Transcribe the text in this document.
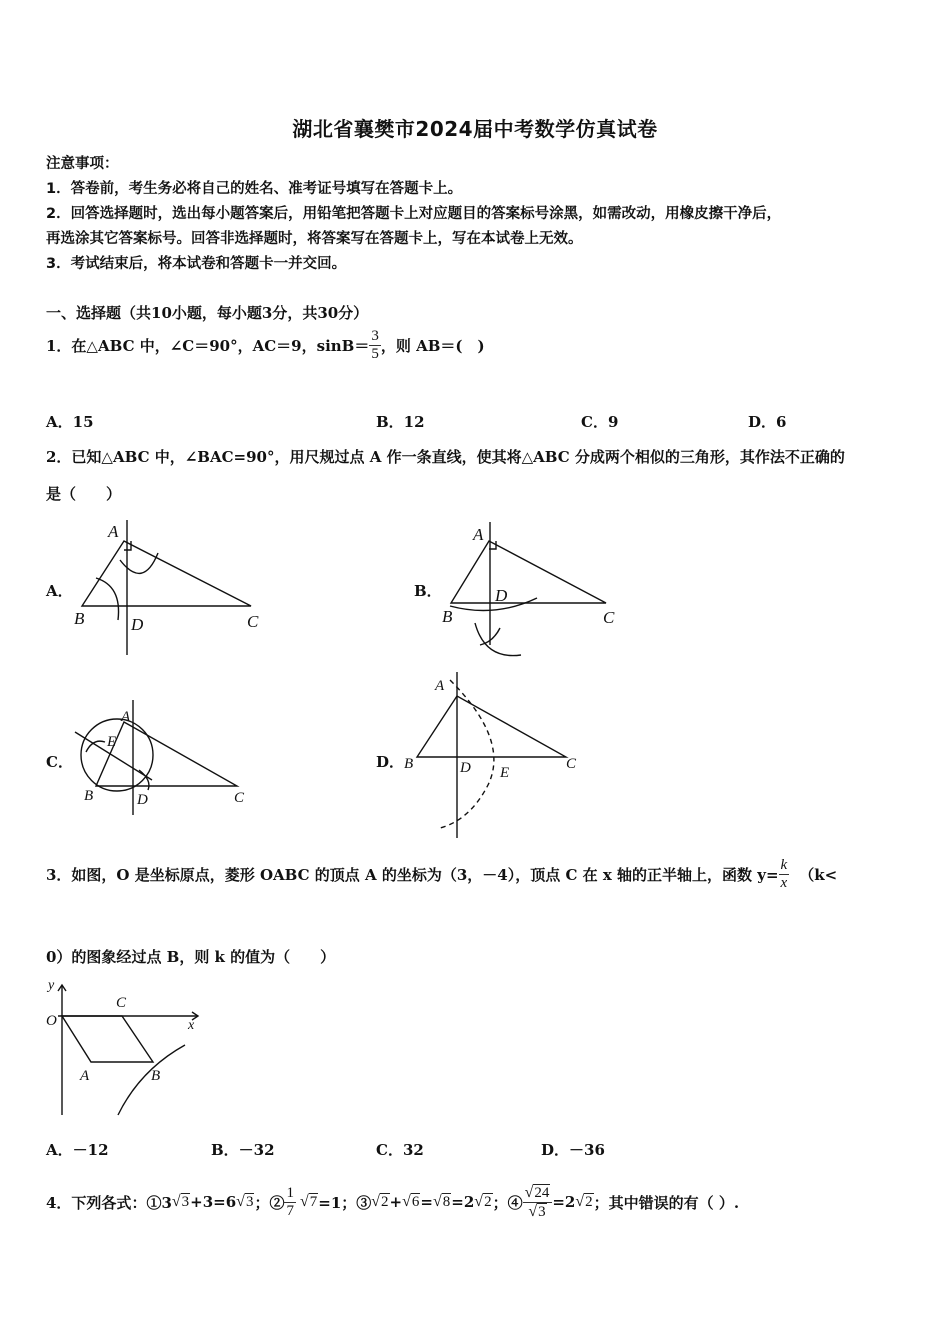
湖北省襄樊市2024届中考数学仿真试卷
注意事项：
1．答卷前，考生务必将自己的姓名、准考证号填写在答题卡上。
2．回答选择题时，选出每小题答案后，用铅笔把答题卡上对应题目的答案标号涂黑，如需改动，用橡皮擦干净后，
再选涂其它答案标号。回答非选择题时，将答案写在答题卡上，写在本试卷上无效。
3．考试结束后，将本试卷和答题卡一并交回。
一、选择题（共10小题，每小题3分，共30分）
1．在△ABC 中，∠C＝90°，AC＝9，$\sin B= \frac{3}{5}$ ，则 AB＝(　)
A．15	B．12	C．9	D．6
2．已知△ABC 中，∠BAC=90°，用尺规过点 A 作一条直线，使其将△ABC 分成两个相似的三角形，其作法不正确的
是（　　）
A．	B．
C．	D．
A
B	D	C
A
B
D
C
A
E
B	D	C
A
B	D E
C
O
y
x
C
A	B
3．如图，O 是坐标原点，菱形 OABC 的顶点 A 的坐标为（3，－4），顶点 C 在 x 轴的正半轴上，函数 $y= \frac{k}{x} (k<$
0）的图象经过点 B，则 k 的值为（　　）
A．－12	B．－32	C．32	D．－36
4．下列各式：①3 √3 +3=6 √3 ；② $\frac{1}{7} √7 =1$；③ √2 + √6 = √8 =2 √2 ；④ $\frac{√24}{√3} =2$ √2 ；其中错误的有（ ）.
